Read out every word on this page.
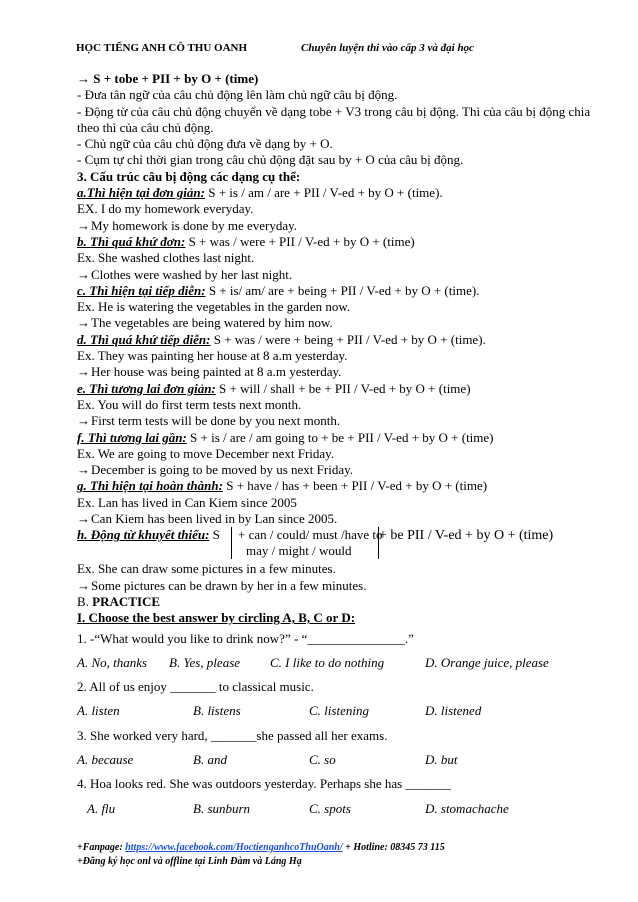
HỌC TIẾNG ANH CÔ THU OANH	Chuyên luyện thi vào cấp 3 và đại học
→ S + tobe + PII + by O + (time)
- Đưa tân ngữ của câu chủ động lên làm chủ ngữ câu bị động.
- Động từ của câu chủ động chuyển về dạng tobe + V3 trong câu bị động. Thì của câu bị động chia theo thì của câu chủ động.
- Chủ ngữ của câu chủ động đưa về dạng by + O.
- Cụm tự chỉ thời gian trong câu chủ động đặt sau by + O của câu bị động.
3. Cấu trúc câu bị động các dạng cụ thể:
a.Thì hiện tại đơn giản: S + is / am / are + PII / V-ed + by O + (time).
EX. I do my homework everyday.
→My homework is done by me everyday.
b. Thì quá khứ đơn: S + was / were + PII / V-ed + by O + (time)
Ex. She washed clothes last night.
→Clothes were washed by her last night.
c. Thì hiện tại tiếp diễn: S + is/ am/ are + being + PII / V-ed + by O + (time).
Ex. He is watering the vegetables in the garden now.
→The vegetables are being watered by him now.
d. Thì quá khứ tiếp diễn: S + was / were + being + PII / V-ed + by O + (time).
Ex. They was painting her house at 8 a.m yesterday.
→Her house was being painted at 8 a.m yesterday.
e. Thì tương lai đơn giản: S + will / shall + be + PII / V-ed + by O + (time)
Ex. You will do first term tests next month.
→First term tests will be done by you next month.
f. Thì tương lai gần: S + is / are / am going to + be + PII / V-ed + by O + (time)
Ex. We are going to move December next Friday.
→December is going to be moved by us next Friday.
g. Thì hiện tại hoàn thành: S + have / has + been + PII / V-ed + by O + (time)
Ex. Lan has lived in Can Kiem since 2005
→Can Kiem has been lived in by Lan since 2005.
h. Động từ khuyết thiếu: S + can / could/ must /have to
may / might / would
+ be PII / V-ed + by O + (time)
Ex. She can draw some pictures in a few minutes.
→Some pictures can be drawn by her in a few minutes.
B. PRACTICE
I. Choose the best answer by circling A, B, C or D:
1. -“What would you like to drink now?” - “_______________.”
A. No, thanks	B. Yes, please	C. I like to do nothing	D. Orange juice, please
2. All of us enjoy _______ to classical music.
A. listen	B. listens	C. listening	D. listened
3. She worked very hard, _______she passed all her exams.
A. because	B. and	C. so	D. but
4. Hoa looks red. She was outdoors yesterday. Perhaps she has _______
A. flu	B. sunburn	C. spots	D. stomachache
+Fanpage: https://www.facebook.com/HoctienganhcoThuOanh/ + Hotline: 08345 73 115
+Đăng ký học onl và offline tại Linh Đàm và Láng Hạ
